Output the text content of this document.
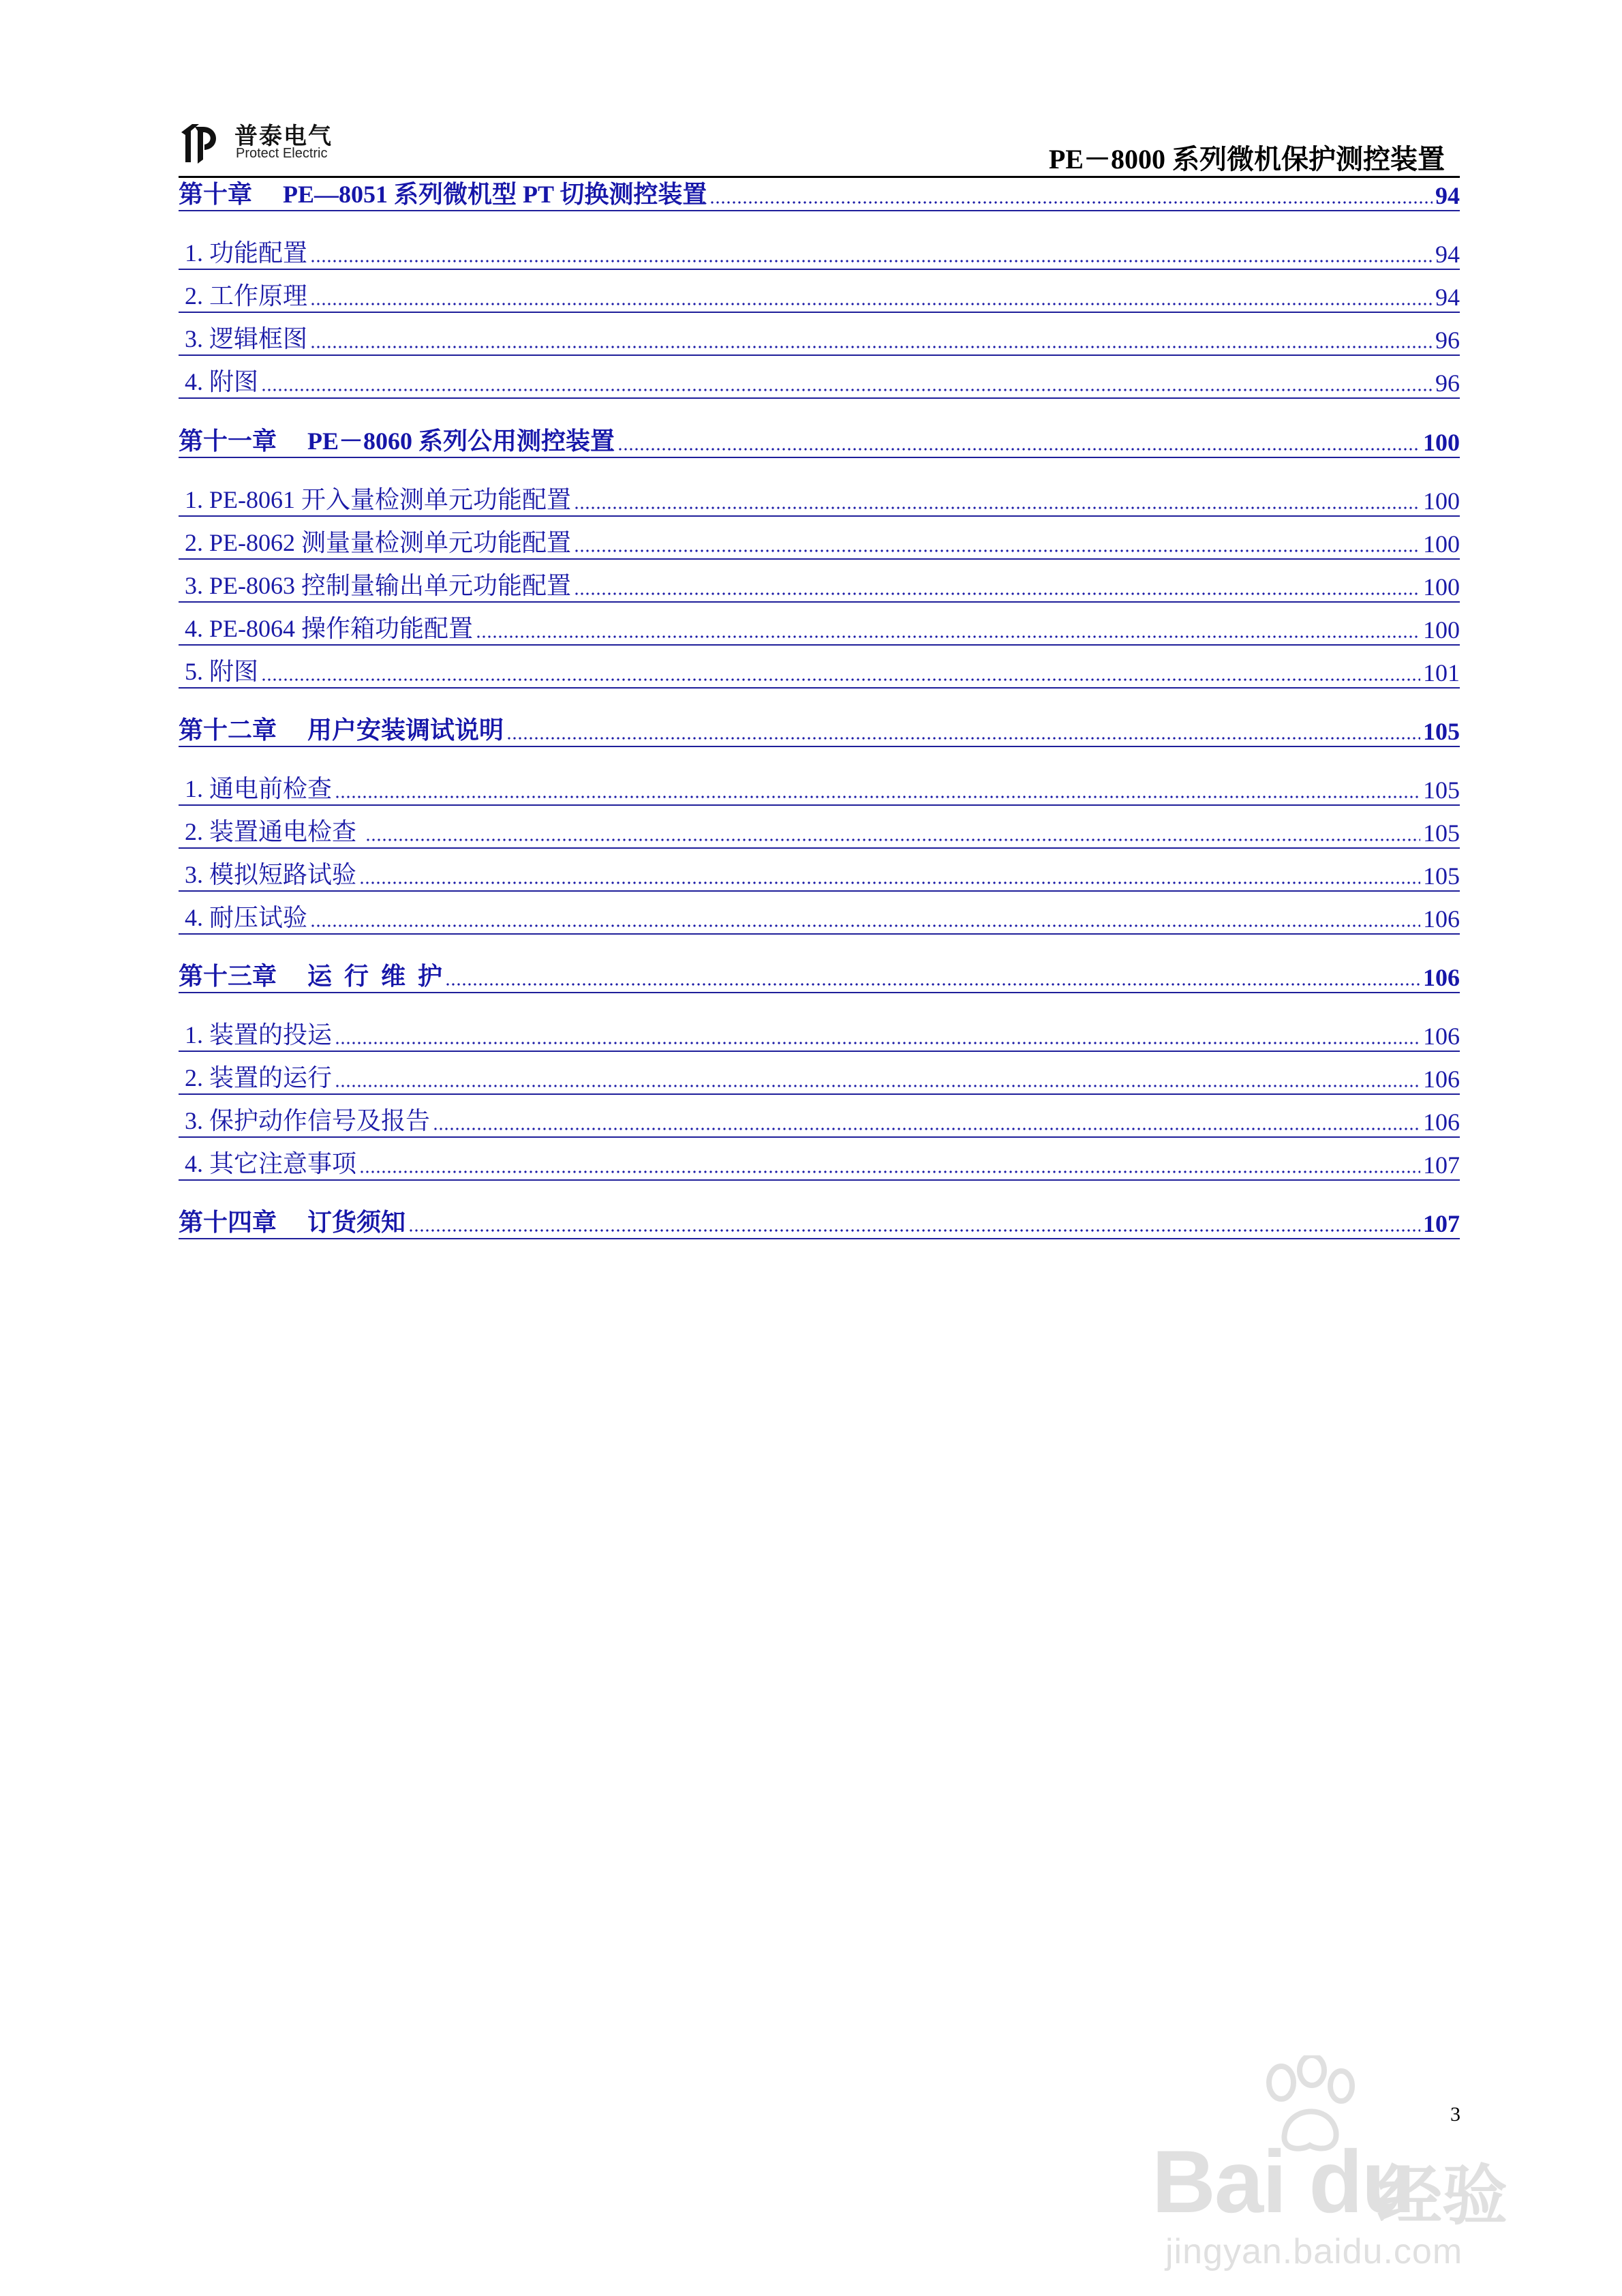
普泰电气
Protect Electric	PE－8000 系列微机保护测控装置
第十章     PE—8051 系列微机型 PT 切换测控装置	94
1. 功能配置	94
2. 工作原理	94
3. 逻辑框图	96
4. 附图	96
第十一章     PE－8060 系列公用测控装置	100
1. PE-8061 开入量检测单元功能配置	100
2. PE-8062 测量量检测单元功能配置	100
3. PE-8063 控制量输出单元功能配置	100
4. PE-8064 操作箱功能配置	100
5. 附图	101
第十二章     用户安装调试说明	105
1. 通电前检查	105
2. 装置通电检查	105
3. 模拟短路试验	105
4. 耐压试验	106
第十三章     运  行  维  护	106
1. 装置的投运	106
2. 装置的运行	106
3. 保护动作信号及报告	106
4. 其它注意事项	107
第十四章     订货须知	107
3
Bai du
经验
jingyan.baidu.com
